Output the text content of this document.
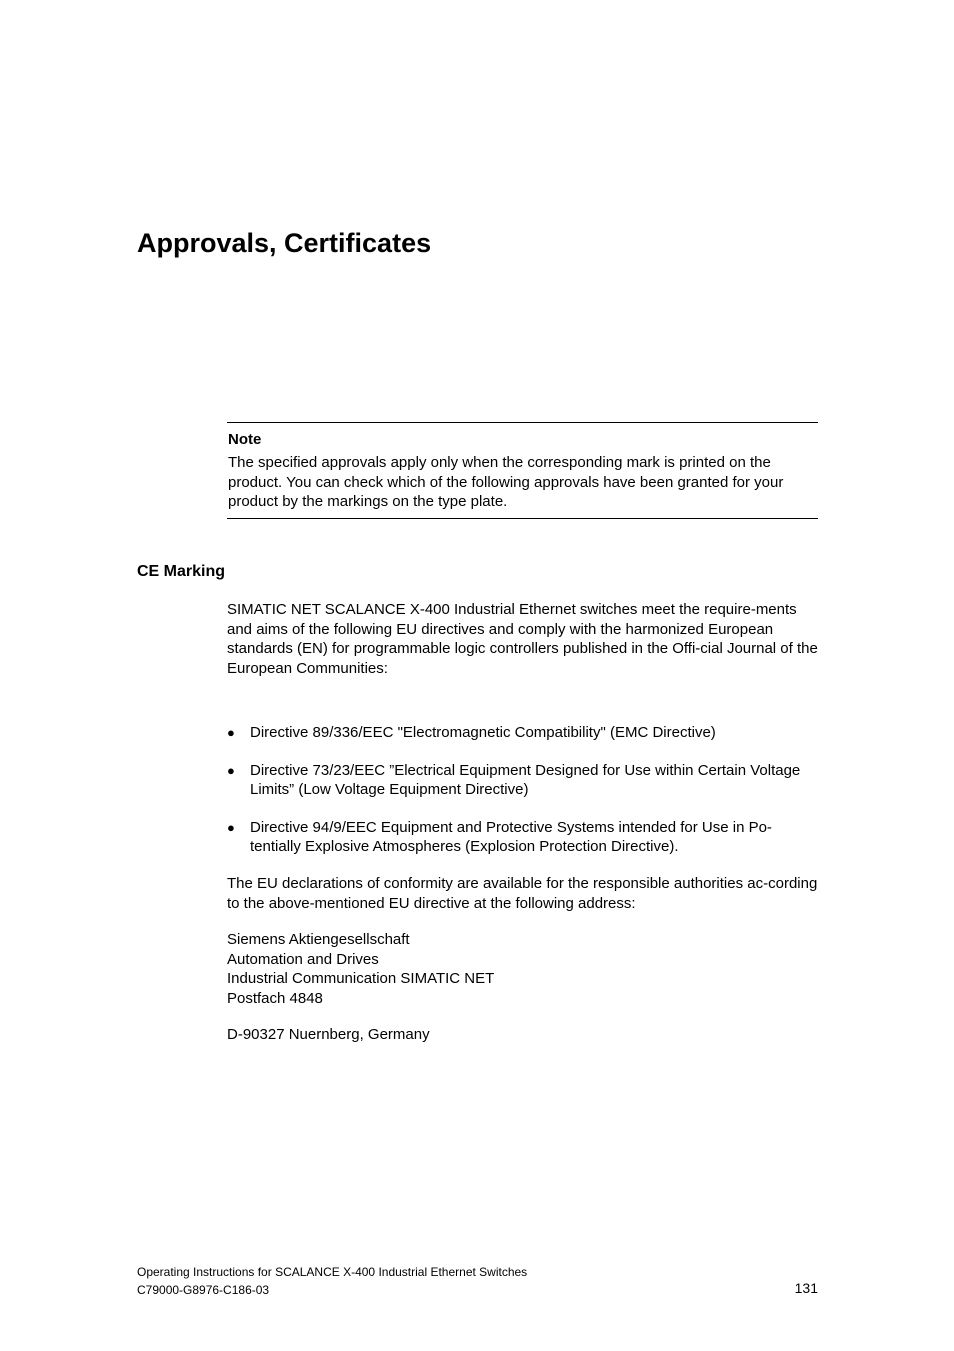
Approvals, Certificates

Note

The specified approvals apply only when the corresponding mark is printed on the product. You can check which of the following approvals have been granted for your product by the markings on the type plate.

CE Marking

SIMATIC NET SCALANCE X-400 Industrial Ethernet switches meet the require-ments and aims of the following EU directives and comply with the harmonized European standards (EN) for programmable logic controllers published in the Offi-cial Journal of the European Communities:

● Directive 89/336/EEC "Electromagnetic Compatibility" (EMC Directive)
● Directive 73/23/EEC ”Electrical Equipment Designed for Use within Certain Voltage Limits” (Low Voltage Equipment Directive)
● Directive 94/9/EEC Equipment and Protective Systems intended for Use in Po-tentially Explosive Atmospheres (Explosion Protection Directive).

The EU declarations of conformity are available for the responsible authorities ac-cording to the above-mentioned EU directive at the following address:

Siemens Aktiengesellschaft
Automation and Drives
Industrial Communication SIMATIC NET
Postfach 4848

D-90327 Nuernberg, Germany

Operating Instructions for SCALANCE X-400 Industrial Ethernet Switches
C79000-G8976-C186-03	131
